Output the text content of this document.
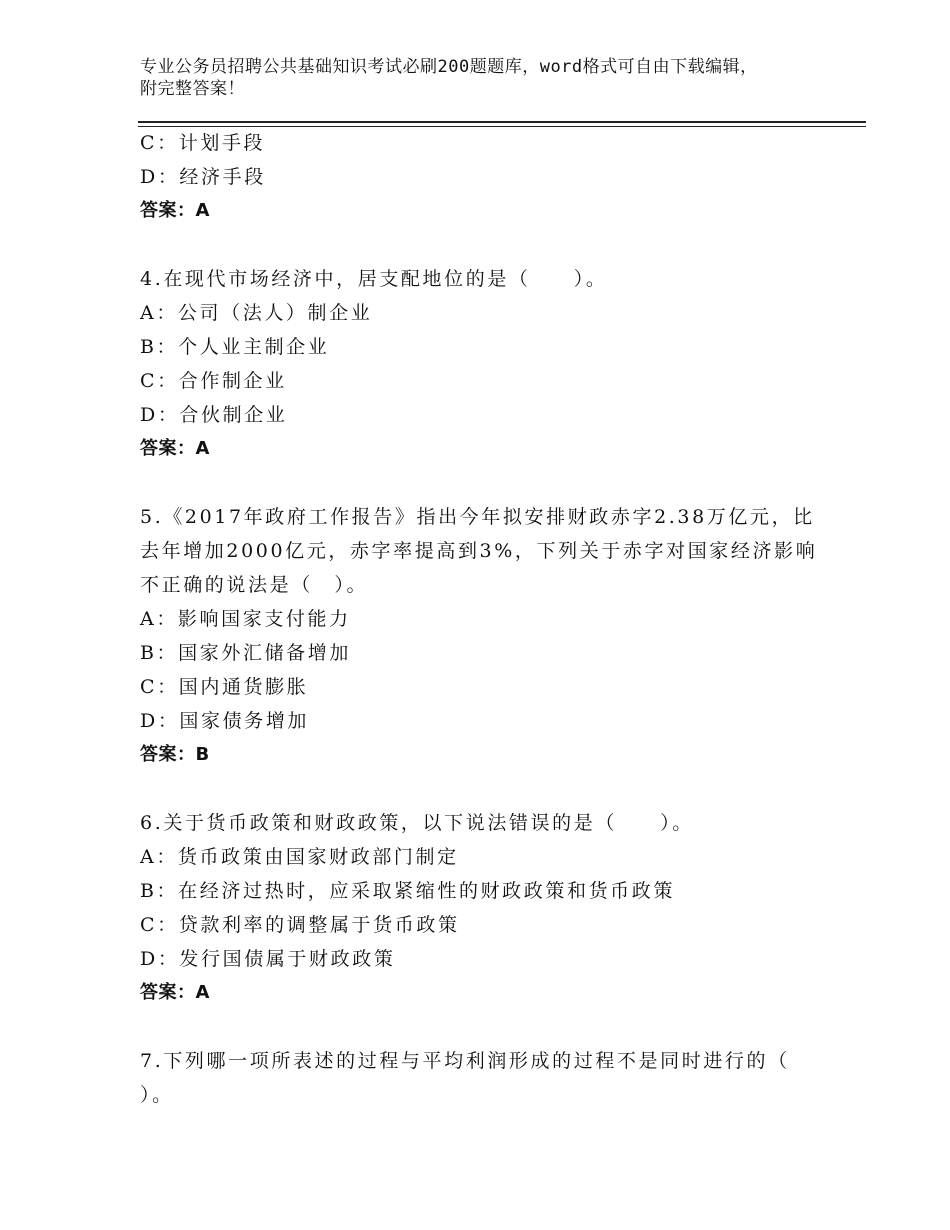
专业公务员招聘公共基础知识考试必刷200题题库，word格式可自由下载编辑，
附完整答案！
C：计划手段
D：经济手段
答案：A
4.在现代市场经济中，居支配地位的是（　　）。
A：公司（法人）制企业
B：个人业主制企业
C：合作制企业
D：合伙制企业
答案：A
5.《2017年政府工作报告》指出今年拟安排财政赤字2.38万亿元，比
去年增加2000亿元，赤字率提高到3%，下列关于赤字对国家经济影响
不正确的说法是（　）。
A：影响国家支付能力
B：国家外汇储备增加
C：国内通货膨胀
D：国家债务增加
答案：B
6.关于货币政策和财政政策，以下说法错误的是（　　）。
A：货币政策由国家财政部门制定
B：在经济过热时，应采取紧缩性的财政政策和货币政策
C：贷款利率的调整属于货币政策
D：发行国债属于财政政策
答案：A
7.下列哪一项所表述的过程与平均利润形成的过程不是同时进行的（
）。
